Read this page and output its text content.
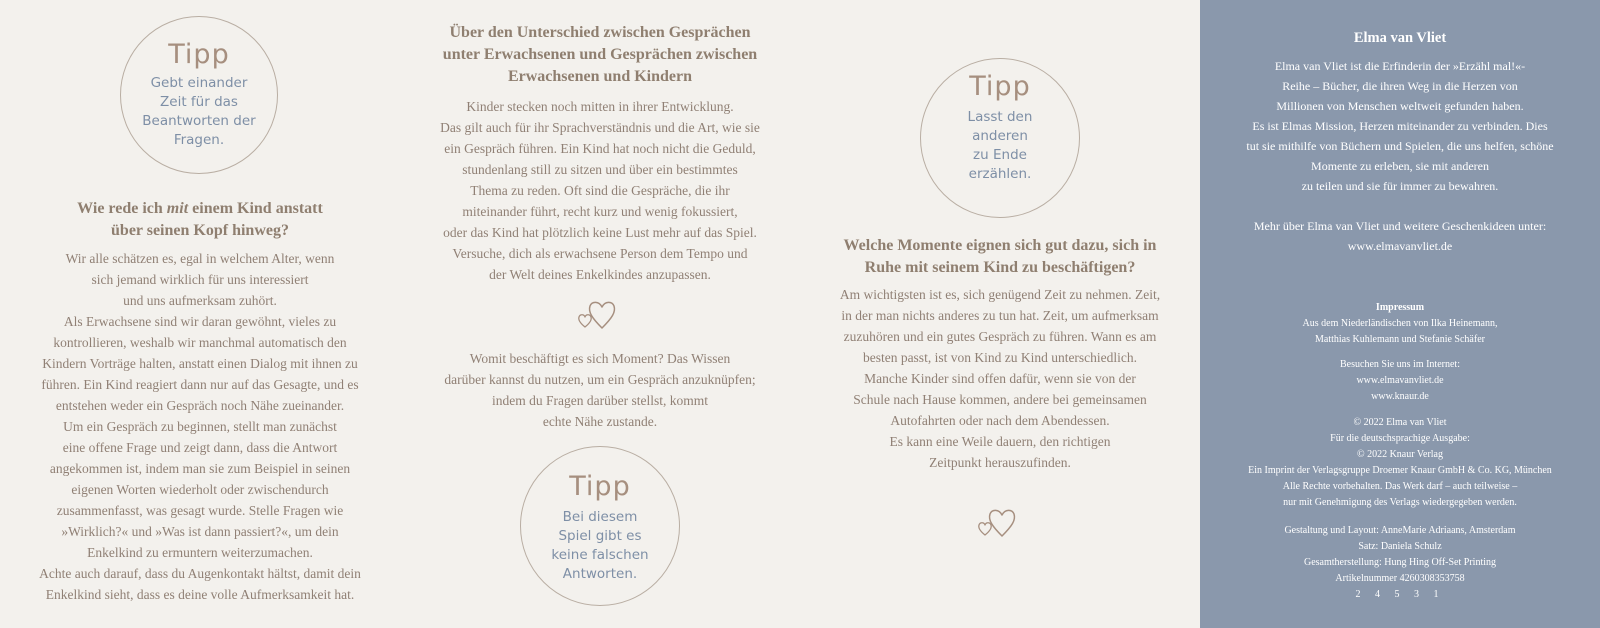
Tipp
Gebt einander
Zeit für das
Beantworten der
Fragen.
Wie rede ich mit einem Kind anstatt
über seinen Kopf hinweg?
Wir alle schätzen es, egal in welchem Alter, wenn
sich jemand wirklich für uns interessiert
und uns aufmerksam zuhört.
Als Erwachsene sind wir daran gewöhnt, vieles zu
kontrollieren, weshalb wir manchmal automatisch den
Kindern Vorträge halten, anstatt einen Dialog mit ihnen zu
führen. Ein Kind reagiert dann nur auf das Gesagte, und es
entstehen weder ein Gespräch noch Nähe zueinander.
Um ein Gespräch zu beginnen, stellt man zunächst
eine offene Frage und zeigt dann, dass die Antwort
angekommen ist, indem man sie zum Beispiel in seinen
eigenen Worten wiederholt oder zwischendurch
zusammenfasst, was gesagt wurde. Stelle Fragen wie
»Wirklich?« und »Was ist dann passiert?«, um dein
Enkelkind zu ermuntern weiterzumachen.
Achte auch darauf, dass du Augenkontakt hältst, damit dein
Enkelkind sieht, dass es deine volle Aufmerksamkeit hat.
Über den Unterschied zwischen Gesprächen
unter Erwachsenen und Gesprächen zwischen
Erwachsenen und Kindern
Kinder stecken noch mitten in ihrer Entwicklung.
Das gilt auch für ihr Sprachverständnis und die Art, wie sie
ein Gespräch führen. Ein Kind hat noch nicht die Geduld,
stundenlang still zu sitzen und über ein bestimmtes
Thema zu reden. Oft sind die Gespräche, die ihr
miteinander führt, recht kurz und wenig fokussiert,
oder das Kind hat plötzlich keine Lust mehr auf das Spiel.
Versuche, dich als erwachsene Person dem Tempo und
der Welt deines Enkelkindes anzupassen.
Womit beschäftigt es sich Moment? Das Wissen
darüber kannst du nutzen, um ein Gespräch anzuknüpfen;
indem du Fragen darüber stellst, kommt
echte Nähe zustande.
Tipp
Bei diesem
Spiel gibt es
keine falschen
Antworten.
Tipp
Lasst den
anderen
zu Ende
erzählen.
Welche Momente eignen sich gut dazu, sich in
Ruhe mit seinem Kind zu beschäftigen?
Am wichtigsten ist es, sich genügend Zeit zu nehmen. Zeit,
in der man nichts anderes zu tun hat. Zeit, um aufmerksam
zuzuhören und ein gutes Gespräch zu führen. Wann es am
besten passt, ist von Kind zu Kind unterschiedlich.
Manche Kinder sind offen dafür, wenn sie von der
Schule nach Hause kommen, andere bei gemeinsamen
Autofahrten oder nach dem Abendessen.
Es kann eine Weile dauern, den richtigen
Zeitpunkt herauszufinden.
Elma van Vliet
Elma van Vliet ist die Erfinderin der »Erzähl mal!«-
Reihe – Bücher, die ihren Weg in die Herzen von
Millionen von Menschen weltweit gefunden haben.
Es ist Elmas Mission, Herzen miteinander zu verbinden. Dies
tut sie mithilfe von Büchern und Spielen, die uns helfen, schöne
Momente zu erleben, sie mit anderen
zu teilen und sie für immer zu bewahren.
Mehr über Elma van Vliet und weitere Geschenkideen unter:
www.elmavanvliet.de
Impressum
Aus dem Niederländischen von Ilka Heinemann,
Matthias Kuhlemann und Stefanie Schäfer
Besuchen Sie uns im Internet:
www.elmavanvliet.de
www.knaur.de
© 2022 Elma van Vliet
Für die deutschsprachige Ausgabe:
© 2022 Knaur Verlag
Ein Imprint der Verlagsgruppe Droemer Knaur GmbH & Co. KG, München
Alle Rechte vorbehalten. Das Werk darf – auch teilweise –
nur mit Genehmigung des Verlags wiedergegeben werden.
Gestaltung und Layout: AnneMarie Adriaans, Amsterdam
Satz: Daniela Schulz
Gesamtherstellung: Hung Hing Off-Set Printing
Artikelnummer 4260308353758
2 4 5 3 1
